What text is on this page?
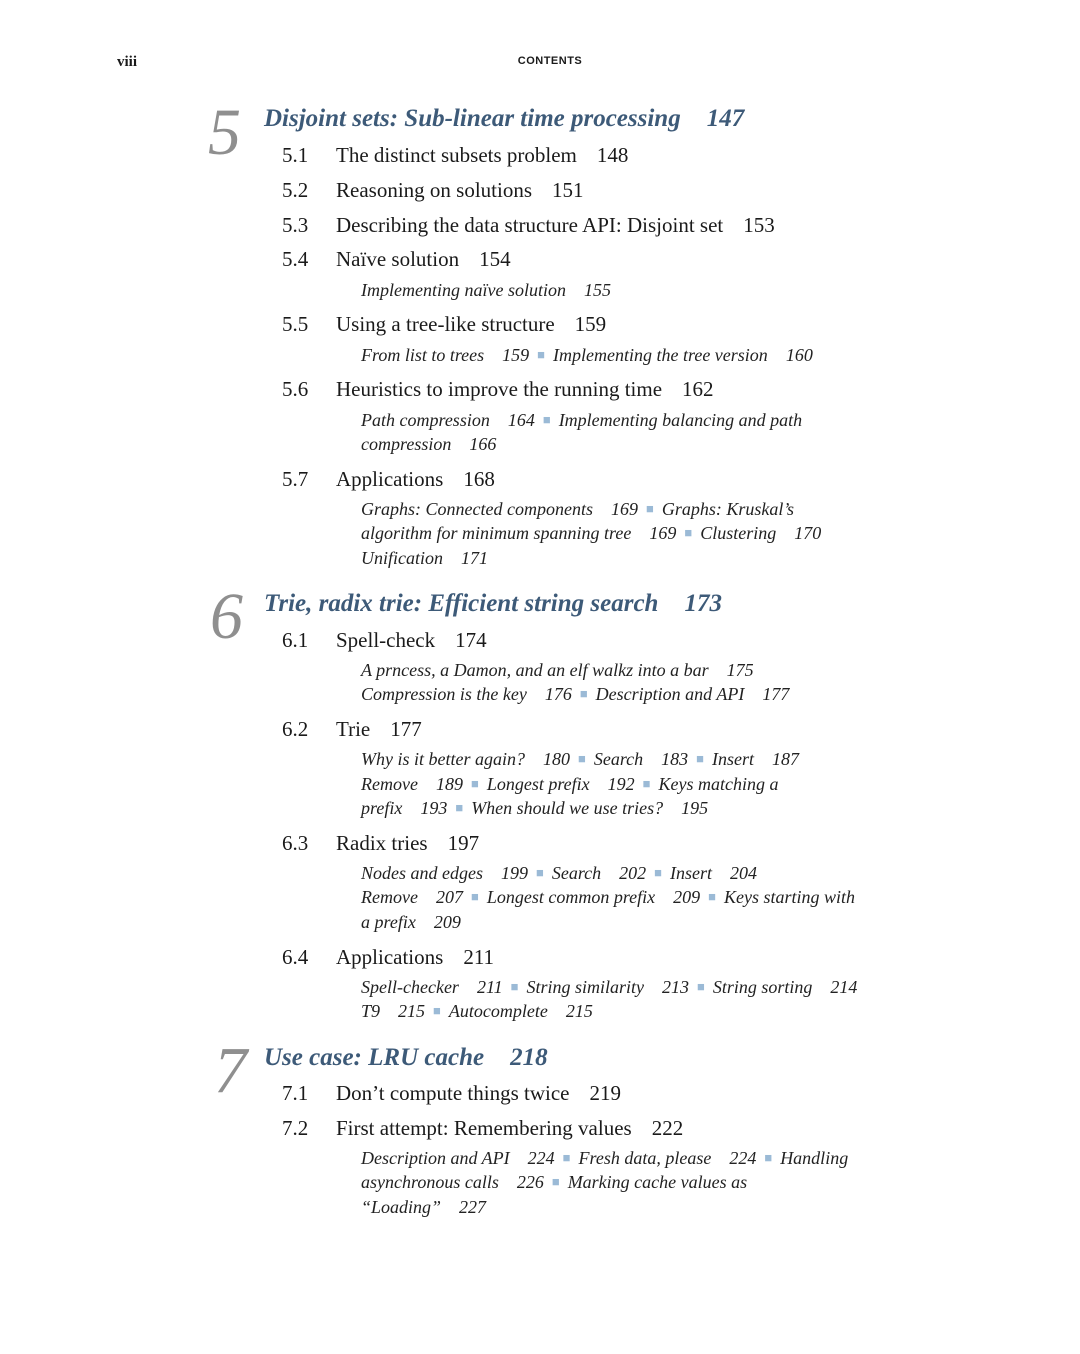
viii	CONTENTS
5 Disjoint sets: Sub-linear time processing 147
5.1 The distinct subsets problem 148
5.2 Reasoning on solutions 151
5.3 Describing the data structure API: Disjoint set 153
5.4 Naïve solution 154
Implementing naïve solution 155
5.5 Using a tree-like structure 159
From list to trees 159 ■ Implementing the tree version 160
5.6 Heuristics to improve the running time 162
Path compression 164 ■ Implementing balancing and path
compression 166
5.7 Applications 168
Graphs: Connected components 169 ■ Graphs: Kruskal’s
algorithm for minimum spanning tree 169 ■ Clustering 170
Unification 171
6 Trie, radix trie: Efficient string search 173
6.1 Spell-check 174
A prncess, a Damon, and an elf walkz into a bar 175
Compression is the key 176 ■ Description and API 177
6.2 Trie 177
Why is it better again? 180 ■ Search 183 ■ Insert 187
Remove 189 ■ Longest prefix 192 ■ Keys matching a
prefix 193 ■ When should we use tries? 195
6.3 Radix tries 197
Nodes and edges 199 ■ Search 202 ■ Insert 204
Remove 207 ■ Longest common prefix 209 ■ Keys starting with
a prefix 209
6.4 Applications 211
Spell-checker 211 ■ String similarity 213 ■ String sorting 214
T9 215 ■ Autocomplete 215
7 Use case: LRU cache 218
7.1 Don’t compute things twice 219
7.2 First attempt: Remembering values 222
Description and API 224 ■ Fresh data, please 224 ■ Handling
asynchronous calls 226 ■ Marking cache values as
“Loading” 227
